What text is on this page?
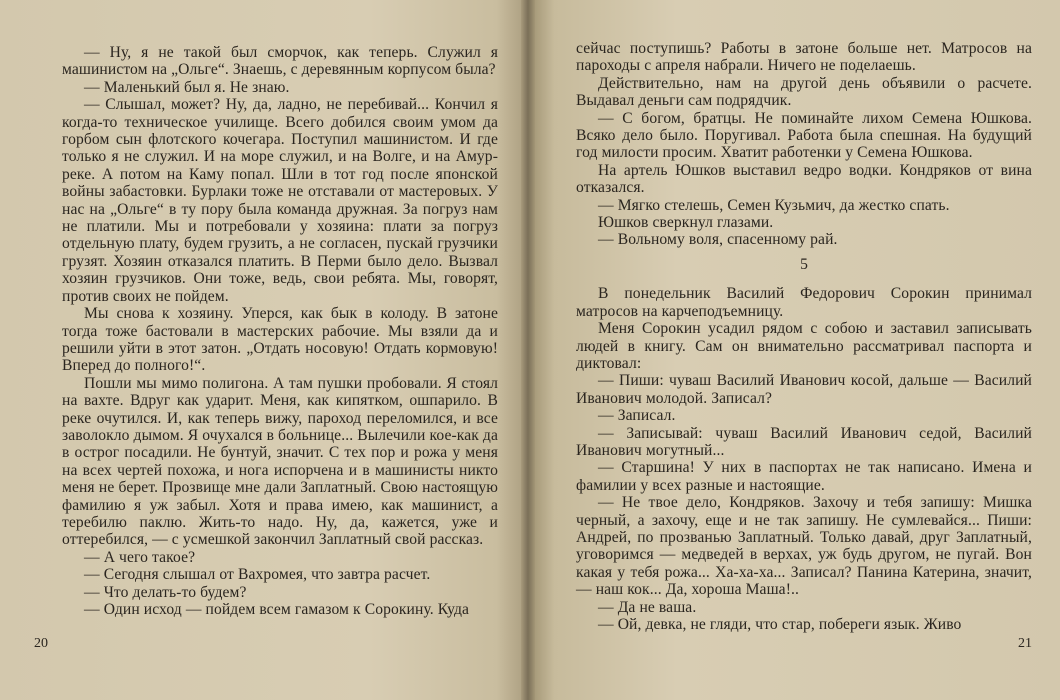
— Ну, я не такой был сморчок, как теперь. Служил я машинистом на „Ольге“. Знаешь, с деревянным корпусом была?

— Маленький был я. Не знаю.

— Слышал, может? Ну, да, ладно, не перебивай... Кончил я когда-то техническое училище. Всего добился своим умом да горбом сын флотского кочегара. Поступил машинистом. И где только я не служил. И на море служил, и на Волге, и на Амур-реке. А потом на Каму попал. Шли в тот год после японской войны забастовки. Бурлаки тоже не отставали от мастеровых. У нас на „Ольге“ в ту пору была команда дружная. За погруз нам не платили. Мы и потребовали у хозяина: плати за погруз отдельную плату, будем грузить, а не согласен, пускай грузчики грузят. Хозяин отказался платить. В Перми было дело. Вызвал хозяин грузчиков. Они тоже, ведь, свои ребята. Мы, говорят, против своих не пойдем.

Мы снова к хозяину. Уперся, как бык в колоду. В затоне тогда тоже бастовали в мастерских рабочие. Мы взяли да и решили уйти в этот затон. „Отдать носовую! Отдать кормовую! Вперед до полного!“.

Пошли мы мимо полигона. А там пушки пробовали. Я стоял на вахте. Вдруг как ударит. Меня, как кипятком, ошпарило. В реке очутился. И, как теперь вижу, пароход переломился, и все заволокло дымом. Я очухался в больнице... Вылечили кое-как да в острог посадили. Не бунтуй, значит. С тех пор и рожа у меня на всех чертей похожа, и нога испорчена и в машинисты никто меня не берет. Прозвище мне дали Заплатный. Свою настоящую фамилию я уж забыл. Хотя и права имею, как машинист, а теребилю паклю. Жить-то надо. Ну, да, кажется, уже и оттеребился, — с усмешкой закончил Заплатный свой рассказ.

— А чего такое?

— Сегодня слышал от Вахромея, что завтра расчет.

— Что делать-то будем?

— Один исход — пойдем всем гамазом к Сорокину. Куда

20

сейчас поступишь? Работы в затоне больше нет. Матросов на пароходы с апреля набрали. Ничего не поделаешь.

Действительно, нам на другой день объявили о расчете. Выдавал деньги сам подрядчик.

— С богом, братцы. Не поминайте лихом Семена Юшкова. Всяко дело было. Поругивал. Работа была спешная. На будущий год милости просим. Хватит работенки у Семена Юшкова.

На артель Юшков выставил ведро водки. Кондряков от вина отказался.

— Мягко стелешь, Семен Кузьмич, да жестко спать.

Юшков сверкнул глазами.

— Вольному воля, спасенному рай.

5

В понедельник Василий Федорович Сорокин принимал матросов на карчеподъемницу.

Меня Сорокин усадил рядом с собою и заставил записывать людей в книгу. Сам он внимательно рассматривал паспорта и диктовал:

— Пиши: чуваш Василий Иванович косой, дальше — Василий Иванович молодой. Записал?

— Записал.

— Записывай: чуваш Василий Иванович седой, Василий Иванович могутный...

— Старшина! У них в паспортах не так написано. Имена и фамилии у всех разные и настоящие.

— Не твое дело, Кондряков. Захочу и тебя запишу: Мишка черный, а захочу, еще и не так запишу. Не сумлевайся... Пиши: Андрей, по прозванью Заплатный. Только давай, друг Заплатный, уговоримся — медведей в верхах, уж будь другом, не пугай. Вон какая у тебя рожа... Ха-ха-ха... Записал? Панина Катерина, значит, — наш кок... Да, хороша Маша!..

— Да не ваша.

— Ой, девка, не гляди, что стар, побереги язык. Живо

21
